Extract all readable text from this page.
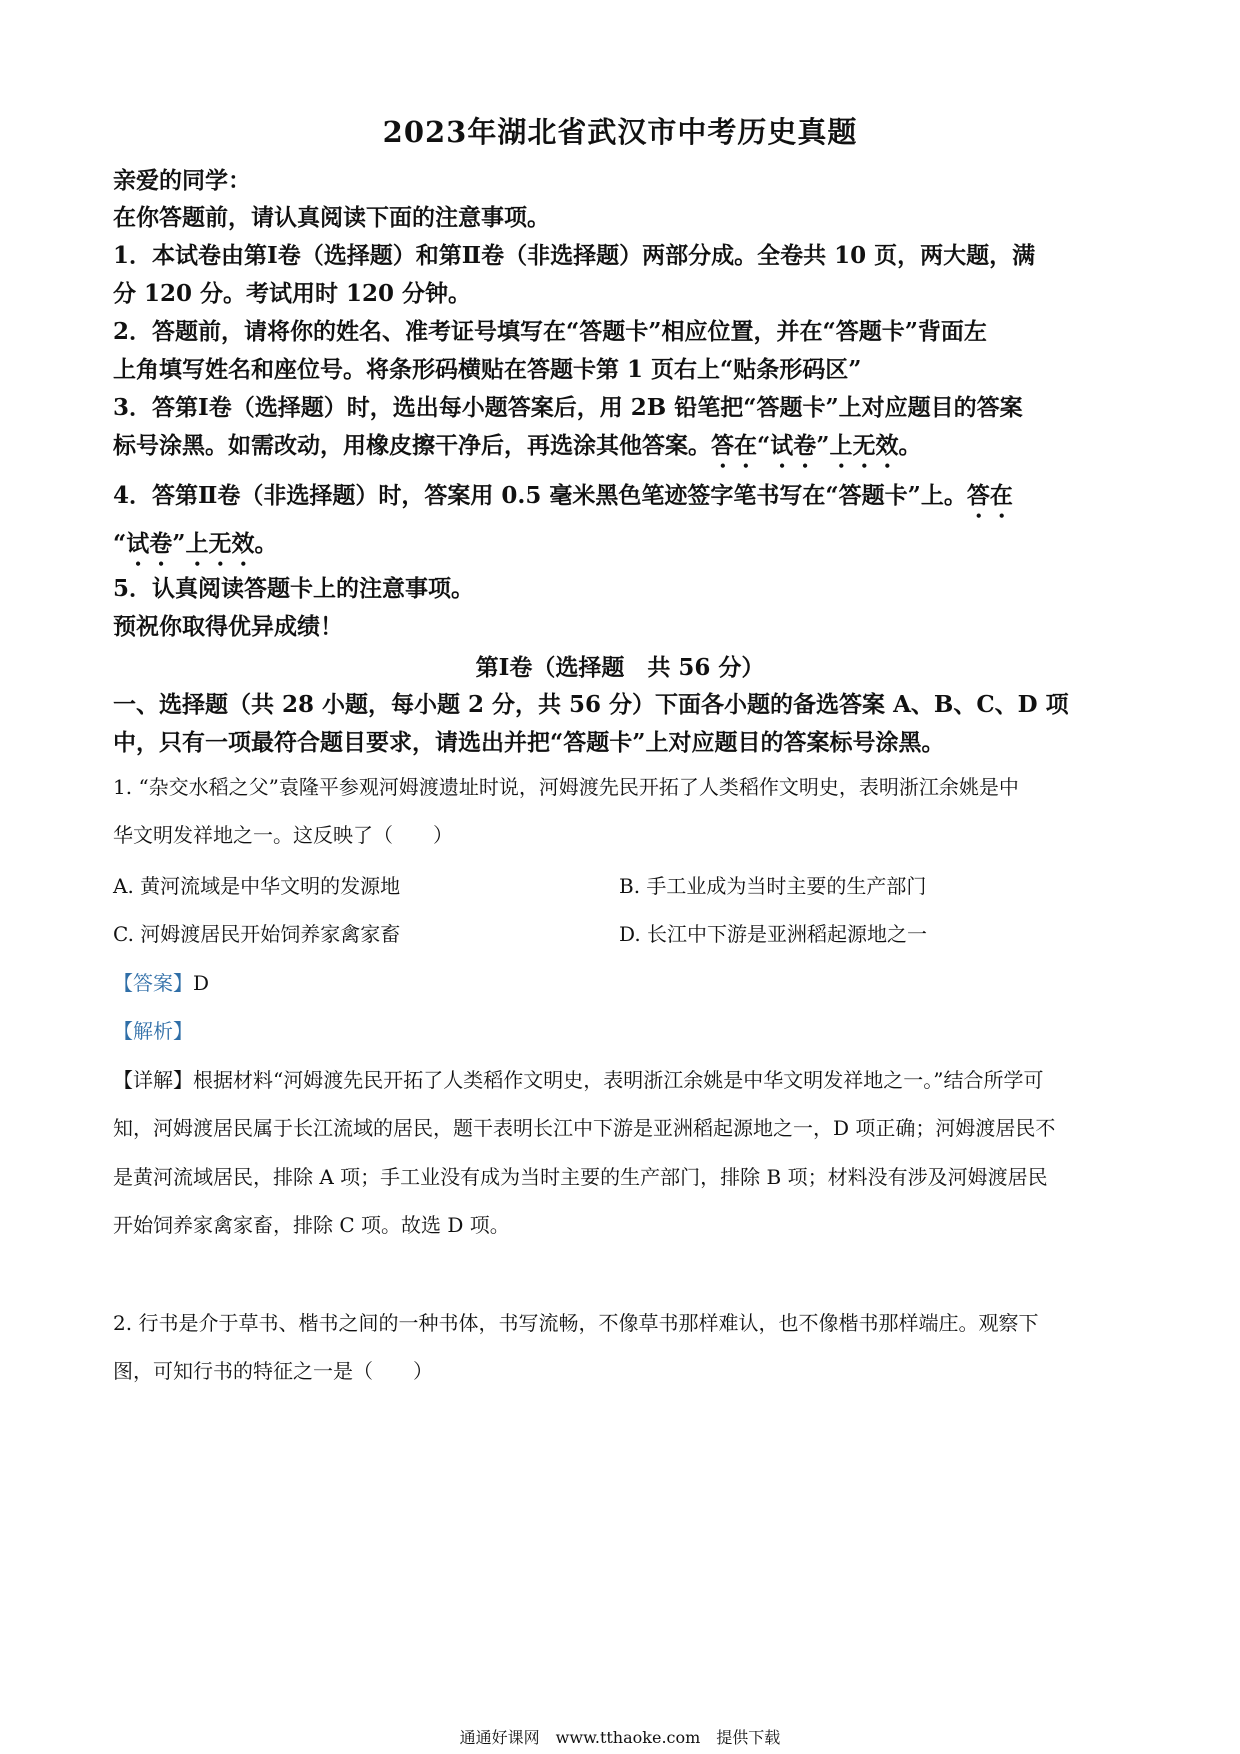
2023年湖北省武汉市中考历史真题
亲爱的同学：
在你答题前，请认真阅读下面的注意事项。
1．本试卷由第Ⅰ卷（选择题）和第Ⅱ卷（非选择题）两部分成。全卷共 10 页，两大题，满
分 120 分。考试用时 120 分钟。
2．答题前，请将你的姓名、准考证号填写在“答题卡”相应位置，并在“答题卡”背面左
上角填写姓名和座位号。将条形码横贴在答题卡第 1 页右上“贴条形码区”
3．答第Ⅰ卷（选择题）时，选出每小题答案后，用 2B 铅笔把“答题卡”上对应题目的答案
标号涂黑。如需改动，用橡皮擦干净后，再选涂其他答案。答在“试卷”上无效。
4．答第Ⅱ卷（非选择题）时，答案用 0.5 毫米黑色笔迹签字笔书写在“答题卡”上。答在
“试卷”上无效。
5．认真阅读答题卡上的注意事项。
预祝你取得优异成绩！
第Ⅰ卷（选择题　共 56 分）
一、选择题（共 28 小题，每小题 2 分，共 56 分）下面各小题的备选答案 A、B、C、D 项
中，只有一项最符合题目要求，请选出并把“答题卡”上对应题目的答案标号涂黑。
1. “杂交水稻之父”袁隆平参观河姆渡遗址时说，河姆渡先民开拓了人类稻作文明史，表明浙江余姚是中
华文明发祥地之一。这反映了（　　）
A. 黄河流域是中华文明的发源地	B. 手工业成为当时主要的生产部门
C. 河姆渡居民开始饲养家禽家畜	D. 长江中下游是亚洲稻起源地之一
【答案】D
【解析】
【详解】根据材料“河姆渡先民开拓了人类稻作文明史，表明浙江余姚是中华文明发祥地之一。”结合所学可
知，河姆渡居民属于长江流域的居民，题干表明长江中下游是亚洲稻起源地之一，D 项正确；河姆渡居民不
是黄河流域居民，排除 A 项；手工业没有成为当时主要的生产部门，排除 B 项；材料没有涉及河姆渡居民
开始饲养家禽家畜，排除 C 项。故选 D 项。
2. 行书是介于草书、楷书之间的一种书体，书写流畅，不像草书那样难认，也不像楷书那样端庄。观察下
图，可知行书的特征之一是（　　）
通通好课网　www.tthaoke.com　提供下载
